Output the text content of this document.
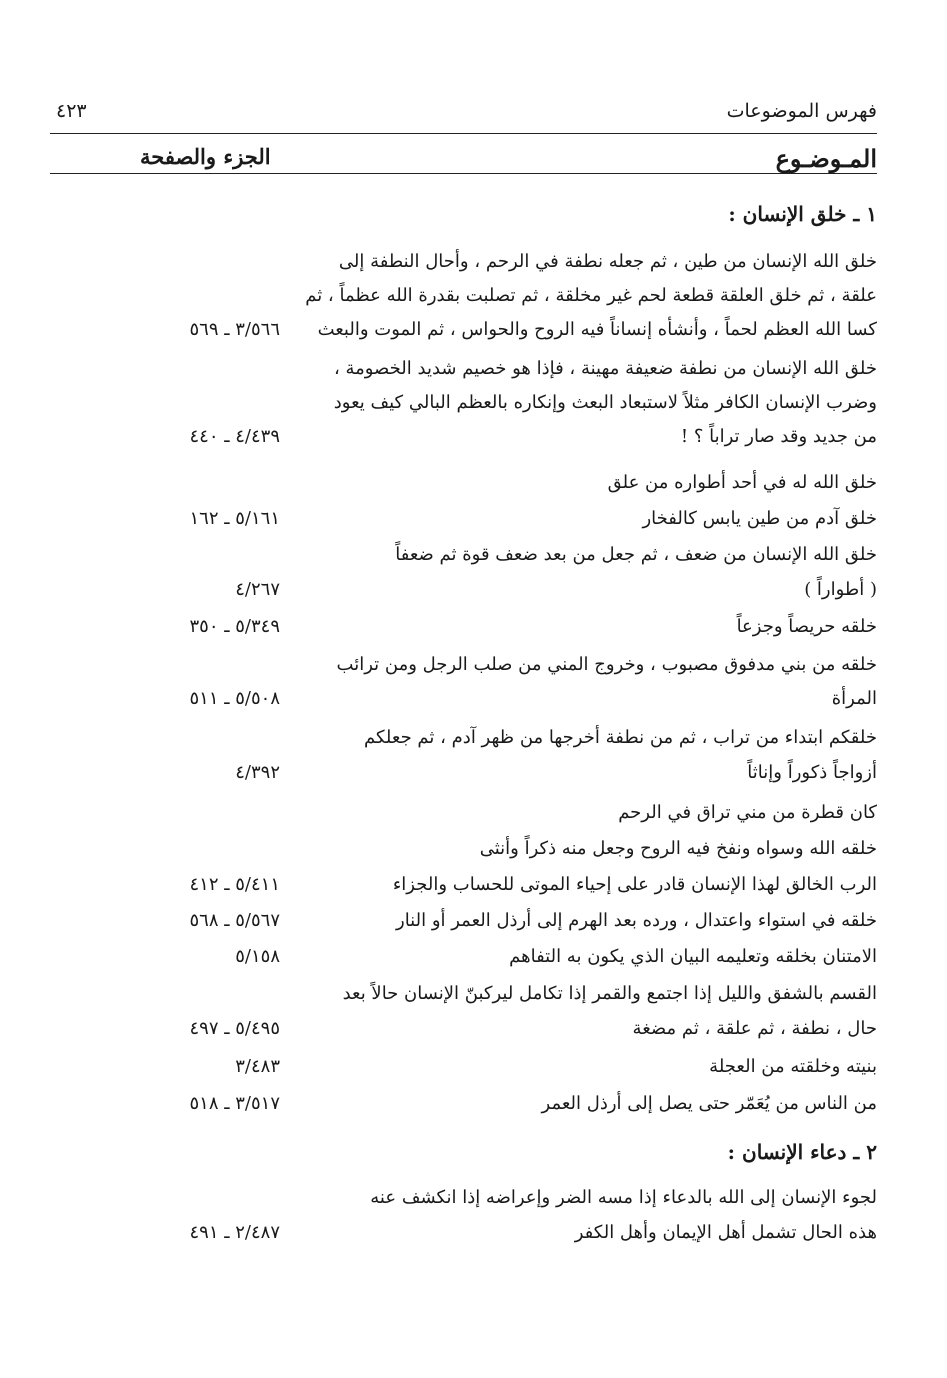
فهرس الموضوعات
٤٢٣
المـوضـوع
الجزء والصفحة
١ ـ خلق الإنسان :
خلق الله الإنسان من طين ، ثم جعله نطفة في الرحم ، وأحال النطفة إلى
علقة ، ثم خلق العلقة قطعة لحم غير مخلقة ، ثم تصلبت بقدرة الله عظماً ، ثم
كسا الله العظم لحماً ، وأنشأه إنساناً فيه الروح والحواس ، ثم الموت والبعث
٣/٥٦٦ ـ ٥٦٩
خلق الله الإنسان من نطفة ضعيفة مهينة ، فإذا هو خصيم شديد الخصومة ،
وضرب الإنسان الكافر مثلاً لاستبعاد البعث وإنكاره بالعظم البالي كيف يعود
من جديد وقد صار تراباً ؟ !
٤/٤٣٩ ـ ٤٤٠
خلق الله له في أحد أطواره من علق
خلق آدم من طين يابس كالفخار
٥/١٦١ ـ ١٦٢
خلق الله الإنسان من ضعف ، ثم جعل من بعد ضعف قوة ثم ضعفاً
( أطواراً )
٤/٢٦٧
خلقه حريصاً وجزعاً
٥/٣٤٩ ـ ٣٥٠
خلقه من بني مدفوق مصبوب ، وخروج المني من صلب الرجل ومن ترائب
المرأة
٥/٥٠٨ ـ ٥١١
خلقكم ابتداء من تراب ، ثم من نطفة أخرجها من ظهر آدم ، ثم جعلكم
أزواجاً ذكوراً وإناثاً
٤/٣٩٢
كان قطرة من مني تراق في الرحم
خلقه الله وسواه ونفخ فيه الروح وجعل منه ذكراً وأنثى
الرب الخالق لهذا الإنسان قادر على إحياء الموتى للحساب والجزاء
٥/٤١١ ـ ٤١٢
خلقه في استواء واعتدال ، ورده بعد الهرم إلى أرذل العمر أو النار
٥/٥٦٧ ـ ٥٦٨
الامتنان بخلقه وتعليمه البيان الذي يكون به التفاهم
٥/١٥٨
القسم بالشفق والليل إذا اجتمع والقمر إذا تكامل ليركبنّ الإنسان حالاً بعد
حال ، نطفة ، ثم علقة ، ثم مضغة
٥/٤٩٥ ـ ٤٩٧
بنيته وخلقته من العجلة
٣/٤٨٣
من الناس من يُعَمّر حتى يصل إلى أرذل العمر
٣/٥١٧ ـ ٥١٨
٢ ـ دعاء الإنسان :
لجوء الإنسان إلى الله بالدعاء إذا مسه الضر وإعراضه إذا انكشف عنه
هذه الحال تشمل أهل الإيمان وأهل الكفر
٢/٤٨٧ ـ ٤٩١
